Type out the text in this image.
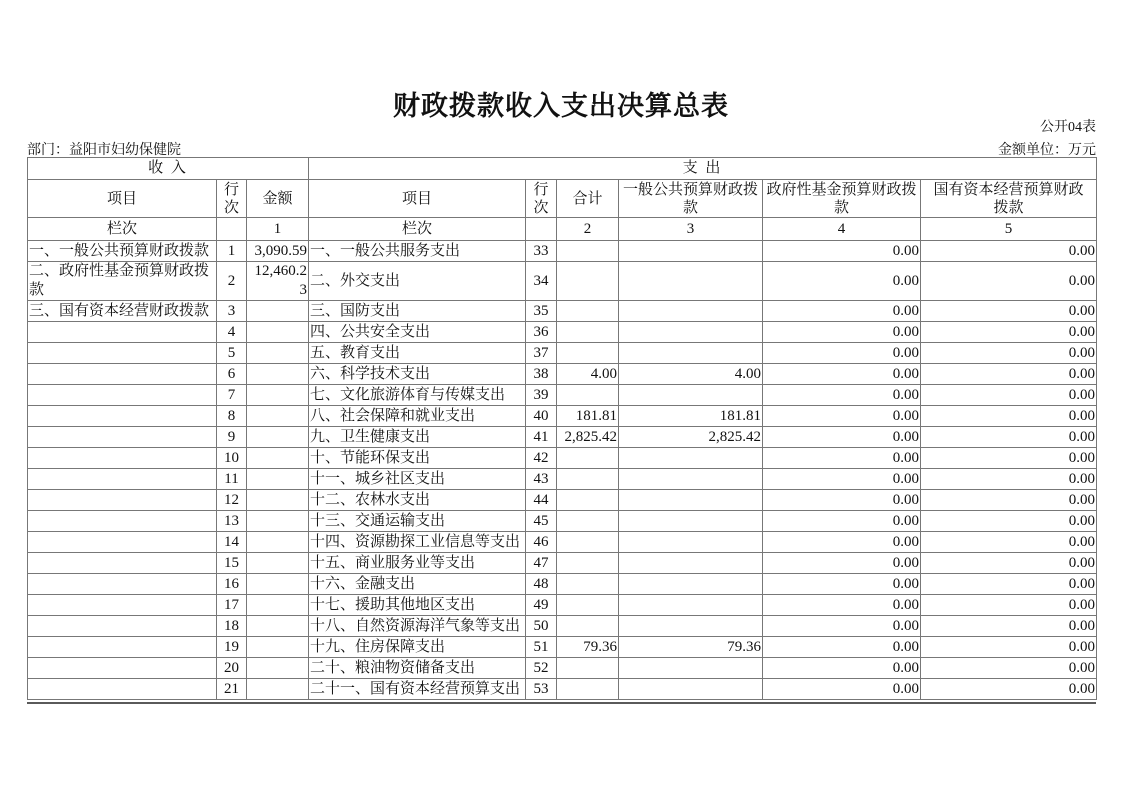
财政拨款收入支出决算总表
公开04表
部门：益阳市妇幼保健院	金额单位：万元
收 入			支 出					
项目	行次	金额	项目	行次	合计	一般公共预算财政拨款	政府性基金预算财政拨款	国有资本经营预算财政拨款
栏次		1	栏次		2	3	4	5
一、一般公共预算财政拨款	1	3,090.59	一、一般公共服务支出	33			0.00	0.00
二、政府性基金预算财政拨款	2	12,460.23	二、外交支出	34			0.00	0.00
三、国有资本经营财政拨款	3		三、国防支出	35			0.00	0.00
	4		四、公共安全支出	36			0.00	0.00
	5		五、教育支出	37			0.00	0.00
	6		六、科学技术支出	38	4.00	4.00	0.00	0.00
	7		七、文化旅游体育与传媒支出	39			0.00	0.00
	8		八、社会保障和就业支出	40	181.81	181.81	0.00	0.00
	9		九、卫生健康支出	41	2,825.42	2,825.42	0.00	0.00
	10		十、节能环保支出	42			0.00	0.00
	11		十一、城乡社区支出	43			0.00	0.00
	12		十二、农林水支出	44			0.00	0.00
	13		十三、交通运输支出	45			0.00	0.00
	14		十四、资源勘探工业信息等支出	46			0.00	0.00
	15		十五、商业服务业等支出	47			0.00	0.00
	16		十六、金融支出	48			0.00	0.00
	17		十七、援助其他地区支出	49			0.00	0.00
	18		十八、自然资源海洋气象等支出	50			0.00	0.00
	19		十九、住房保障支出	51	79.36	79.36	0.00	0.00
	20		二十、粮油物资储备支出	52			0.00	0.00
	21		二十一、国有资本经营预算支出	53			0.00	0.00
